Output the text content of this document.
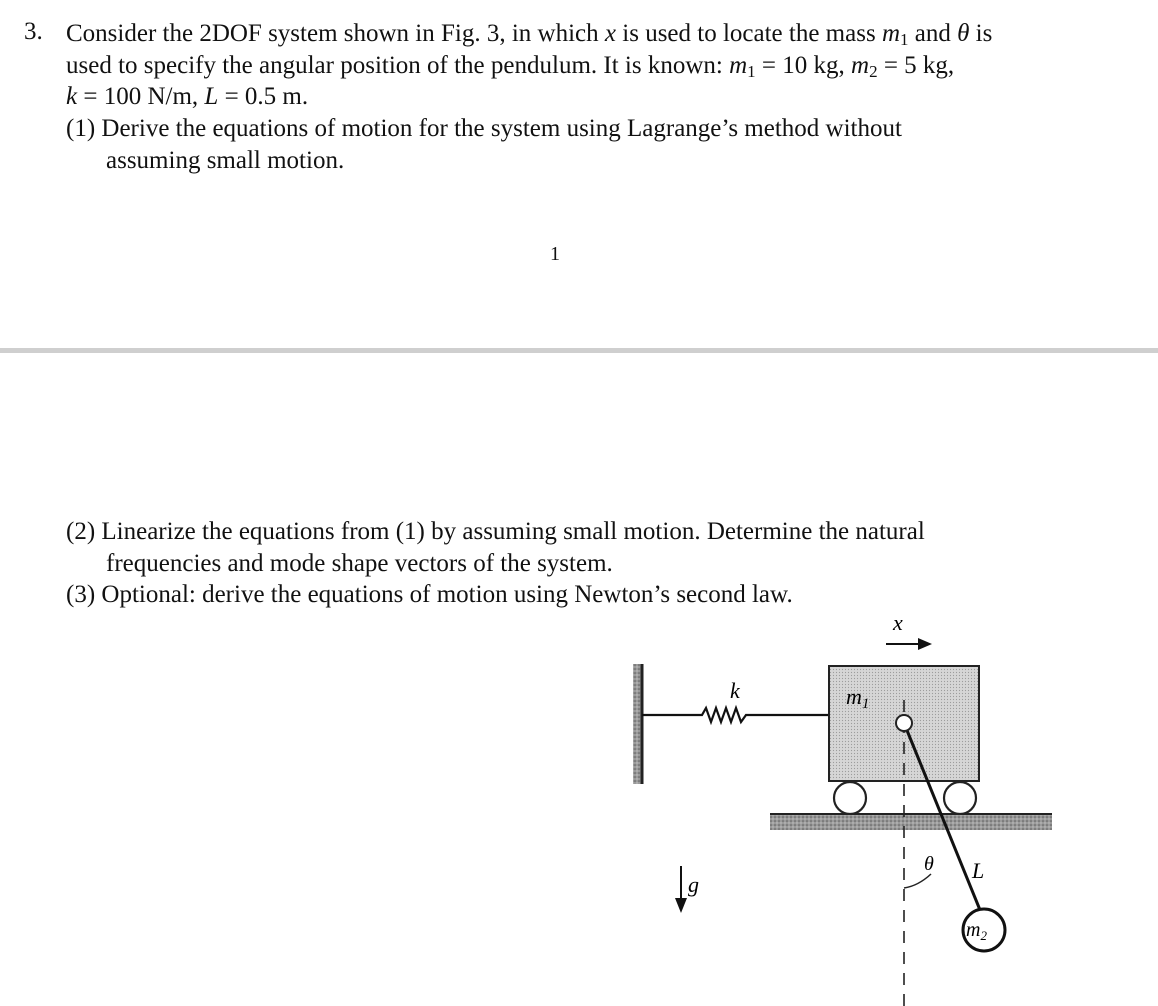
3. Consider the 2DOF system shown in Fig. 3, in which x is used to locate the mass $m_1$ and θ is
used to specify the angular position of the pendulum. It is known: $m_1 = 10$ kg, $m_2 = 5$ kg,
k = 100 N/m, L = 0.5 m.
(1) Derive the equations of motion for the system using Lagrange’s method without
assuming small motion.
1
(2) Linearize the equations from (1) by assuming small motion. Determine the natural
frequencies and mode shape vectors of the system.
(3) Optional: derive the equations of motion using Newton’s second law.
k	m1
$m_2$
θ L
x
g
